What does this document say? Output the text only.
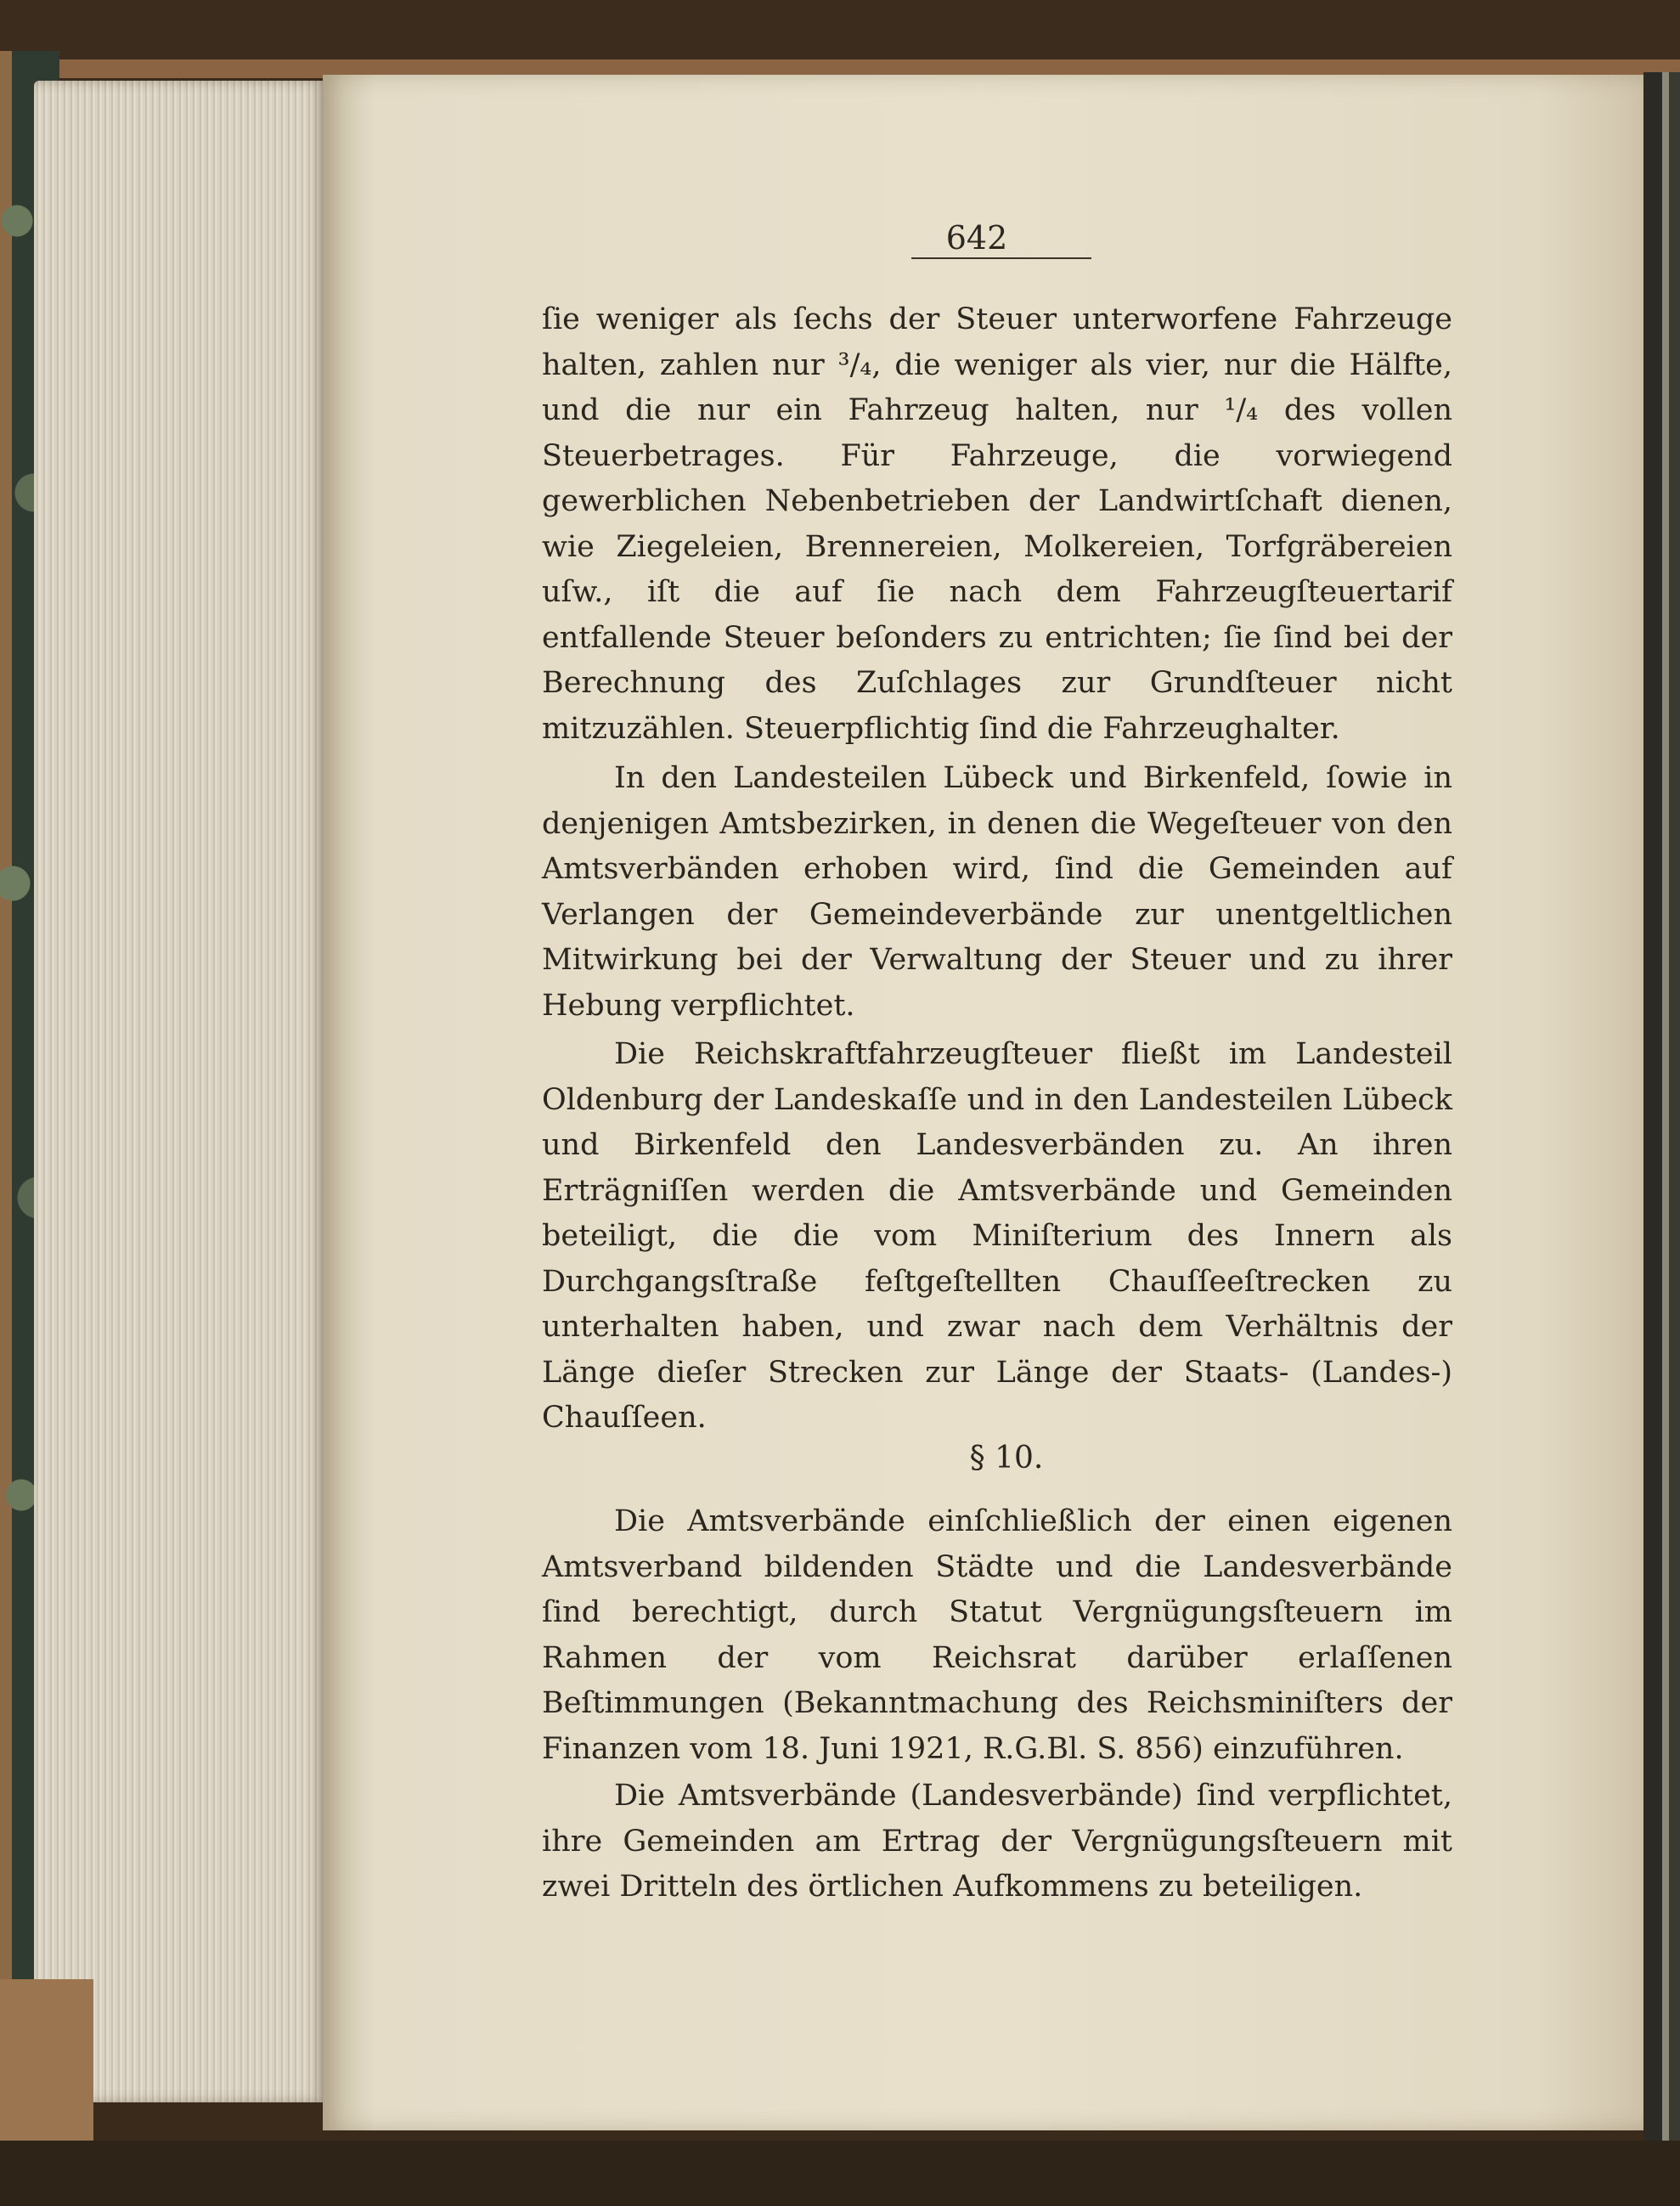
642

ſie weniger als ſechs der Steuer unterworfene Fahrzeuge halten, zahlen nur ³/₄, die weniger als vier, nur die Hälfte, und die nur ein Fahrzeug halten, nur ¹/₄ des vollen Steuerbetrages. Für Fahrzeuge, die vorwiegend gewerblichen Nebenbetrieben der Landwirtſchaft dienen, wie Ziegeleien, Brennereien, Molkereien, Torfgräbereien uſw., iſt die auf ſie nach dem Fahrzeugſteuertarif entfallende Steuer beſonders zu entrichten; ſie ſind bei der Berechnung des Zuſchlages zur Grundſteuer nicht mitzuzählen. Steuerpflichtig ſind die Fahrzeughalter.

In den Landesteilen Lübeck und Birkenfeld, ſowie in denjenigen Amtsbezirken, in denen die Wegeſteuer von den Amtsverbänden erhoben wird, ſind die Gemeinden auf Verlangen der Gemeindeverbände zur unentgeltlichen Mitwirkung bei der Verwaltung der Steuer und zu ihrer Hebung verpflichtet.

Die Reichskraftfahrzeugſteuer fließt im Landesteil Oldenburg der Landeskaſſe und in den Landesteilen Lübeck und Birkenfeld den Landesverbänden zu. An ihren Erträgniſſen werden die Amtsverbände und Gemeinden beteiligt, die die vom Miniſterium des Innern als Durchgangsſtraße feſtgeſtellten Chauſſeeſtrecken zu unterhalten haben, und zwar nach dem Verhältnis der Länge dieſer Strecken zur Länge der Staats- (Landes-) Chauſſeen.

§ 10.

Die Amtsverbände einſchließlich der einen eigenen Amtsverband bildenden Städte und die Landesverbände ſind berechtigt, durch Statut Vergnügungsſteuern im Rahmen der vom Reichsrat darüber erlaſſenen Beſtimmungen (Bekanntmachung des Reichsminiſters der Finanzen vom 18. Juni 1921, R.G.Bl. S. 856) einzuführen.

Die Amtsverbände (Landesverbände) ſind verpflichtet, ihre Gemeinden am Ertrag der Vergnügungsſteuern mit zwei Dritteln des örtlichen Aufkommens zu beteiligen.
